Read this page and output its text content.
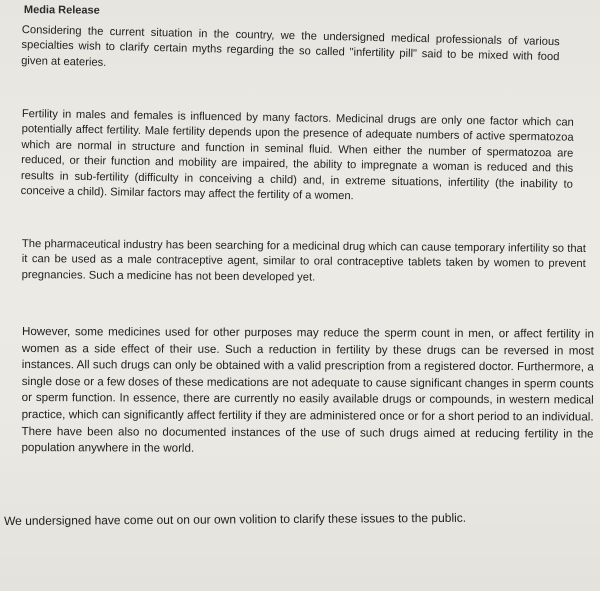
Media Release

Considering the current situation in the country, we the undersigned medical professionals of various specialties wish to clarify certain myths regarding the so called "infertility pill" said to be mixed with food given at eateries.

Fertility in males and females is influenced by many factors. Medicinal drugs are only one factor which can potentially affect fertility. Male fertility depends upon the presence of adequate numbers of active spermatozoa which are normal in structure and function in seminal fluid. When either the number of spermatozoa are reduced, or their function and mobility are impaired, the ability to impregnate a woman is reduced and this results in sub-fertility (difficulty in conceiving a child) and, in extreme situations, infertility (the inability to conceive a child). Similar factors may affect the fertility of a women.

The pharmaceutical industry has been searching for a medicinal drug which can cause temporary infertility so that it can be used as a male contraceptive agent, similar to oral contraceptive tablets taken by women to prevent pregnancies. Such a medicine has not been developed yet.

However, some medicines used for other purposes may reduce the sperm count in men, or affect fertility in women as a side effect of their use. Such a reduction in fertility by these drugs can be reversed in most instances. All such drugs can only be obtained with a valid prescription from a registered doctor. Furthermore, a single dose or a few doses of these medications are not adequate to cause significant changes in sperm counts or sperm function. In essence, there are currently no easily available drugs or compounds, in western medical practice, which can significantly affect fertility if they are administered once or for a short period to an individual. There have been also no documented instances of the use of such drugs aimed at reducing fertility in the population anywhere in the world.

We undersigned have come out on our own volition to clarify these issues to the public.
